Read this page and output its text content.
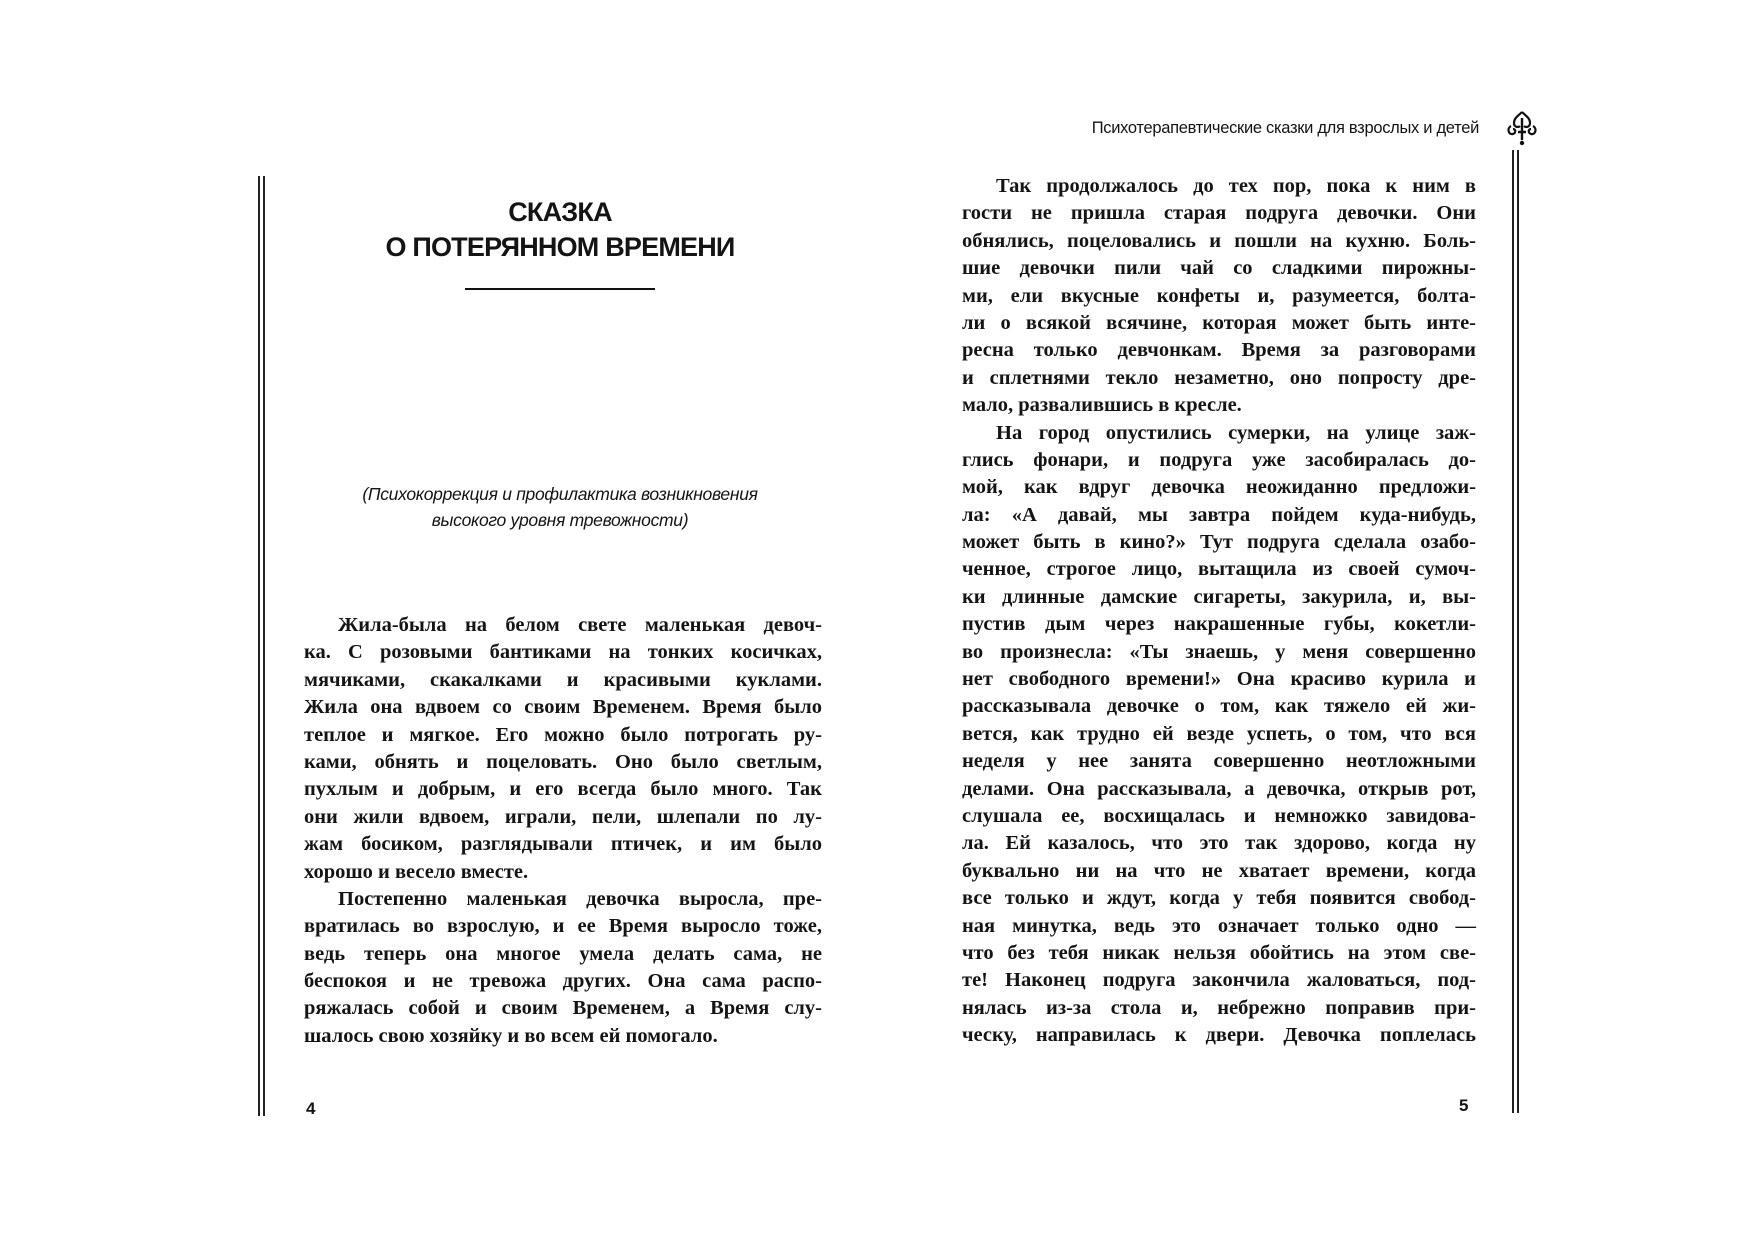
СКАЗКА
О ПОТЕРЯННОМ ВРЕМЕНИ
(Психокоррекция и профилактика возникновения
высокого уровня тревожности)
Жила-была на белом свете маленькая девоч-
ка. С розовыми бантиками на тонких косичках,
мячиками, скакалками и красивыми куклами.
Жила она вдвоем со своим Временем. Время было
теплое и мягкое. Его можно было потрогать ру-
ками, обнять и поцеловать. Оно было светлым,
пухлым и добрым, и его всегда было много. Так
они жили вдвоем, играли, пели, шлепали по лу-
жам босиком, разглядывали птичек, и им было
хорошо и весело вместе.
Постепенно маленькая девочка выросла, пре-
вратилась во взрослую, и ее Время выросло тоже,
ведь теперь она многое умела делать сама, не
беспокоя и не тревожа других. Она сама распо-
ряжалась собой и своим Временем, а Время слу-
шалось свою хозяйку и во всем ей помогало.
4
Психотерапевтические сказки для взрослых и детей
Так продолжалось до тех пор, пока к ним в
гости не пришла старая подруга девочки. Они
обнялись, поцеловались и пошли на кухню. Боль-
шие девочки пили чай со сладкими пирожны-
ми, ели вкусные конфеты и, разумеется, болта-
ли о всякой всячине, которая может быть инте-
ресна только девчонкам. Время за разговорами
и сплетнями текло незаметно, оно попросту дре-
мало, развалившись в кресле.
На город опустились сумерки, на улице заж-
глись фонари, и подруга уже засобиралась до-
мой, как вдруг девочка неожиданно предложи-
ла: «А давай, мы завтра пойдем куда-нибудь,
может быть в кино?» Тут подруга сделала озабо-
ченное, строгое лицо, вытащила из своей сумоч-
ки длинные дамские сигареты, закурила, и, вы-
пустив дым через накрашенные губы, кокетли-
во произнесла: «Ты знаешь, у меня совершенно
нет свободного времени!» Она красиво курила и
рассказывала девочке о том, как тяжело ей жи-
вется, как трудно ей везде успеть, о том, что вся
неделя у нее занята совершенно неотложными
делами. Она рассказывала, а девочка, открыв рот,
слушала ее, восхищалась и немножко завидова-
ла. Ей казалось, что это так здорово, когда ну
буквально ни на что не хватает времени, когда
все только и ждут, когда у тебя появится свобод-
ная минутка, ведь это означает только одно —
что без тебя никак нельзя обойтись на этом све-
те! Наконец подруга закончила жаловаться, под-
нялась из-за стола и, небрежно поправив при-
ческу, направилась к двери. Девочка поплелась
5
